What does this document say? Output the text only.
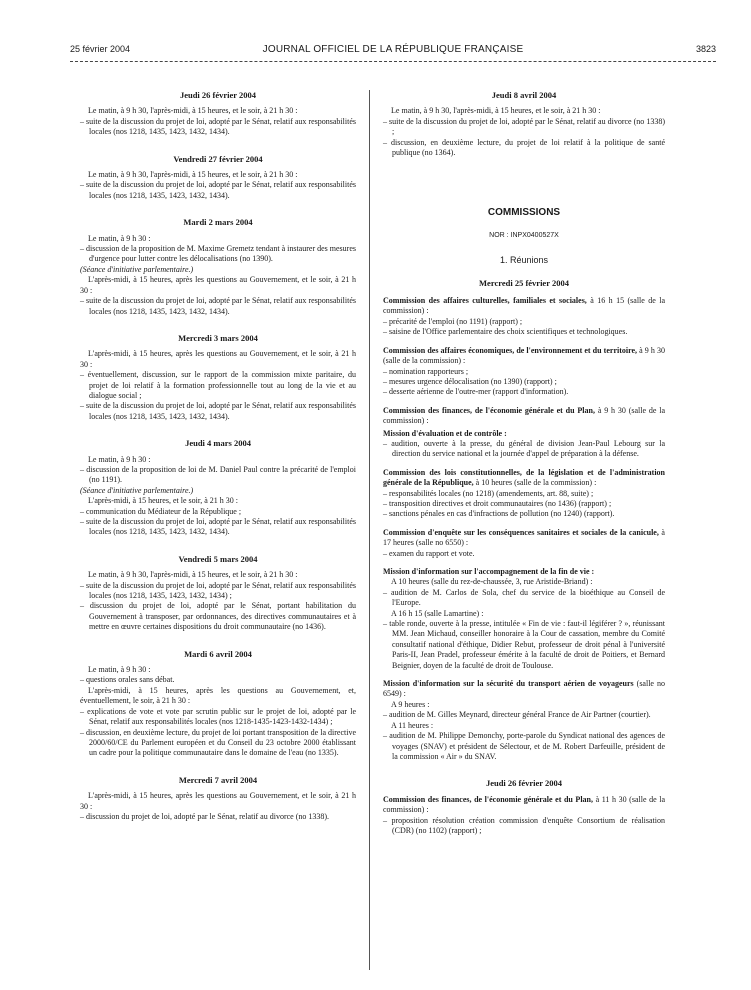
25 février 2004	JOURNAL OFFICIEL DE LA RÉPUBLIQUE FRANÇAISE	3823
Jeudi 26 février 2004

Le matin, à 9 h 30, l'après-midi, à 15 heures, et le soir, à 21 h 30 :

– suite de la discussion du projet de loi, adopté par le Sénat, relatif aux responsabilités locales (nos 1218, 1435, 1423, 1432, 1434).

Vendredi 27 février 2004

Le matin, à 9 h 30, l'après-midi, à 15 heures, et le soir, à 21 h 30 :

– suite de la discussion du projet de loi, adopté par le Sénat, relatif aux responsabilités locales (nos 1218, 1435, 1423, 1432, 1434).

Mardi 2 mars 2004

Le matin, à 9 h 30 :

– discussion de la proposition de M. Maxime Gremetz tendant à instaurer des mesures d'urgence pour lutter contre les délocalisations (no 1390).

(Séance d'initiative parlementaire.)

L'après-midi, à 15 heures, après les questions au Gouvernement, et le soir, à 21 h 30 :

– suite de la discussion du projet de loi, adopté par le Sénat, relatif aux responsabilités locales (nos 1218, 1435, 1423, 1432, 1434).

Mercredi 3 mars 2004

L'après-midi, à 15 heures, après les questions au Gouvernement, et le soir, à 21 h 30 :

– éventuellement, discussion, sur le rapport de la commission mixte paritaire, du projet de loi relatif à la formation professionnelle tout au long de la vie et au dialogue social ;

– suite de la discussion du projet de loi, adopté par le Sénat, relatif aux responsabilités locales (nos 1218, 1435, 1423, 1432, 1434).

Jeudi 4 mars 2004

Le matin, à 9 h 30 :

– discussion de la proposition de loi de M. Daniel Paul contre la précarité de l'emploi (no 1191).

(Séance d'initiative parlementaire.)

L'après-midi, à 15 heures, et le soir, à 21 h 30 :

– communication du Médiateur de la République ;

– suite de la discussion du projet de loi, adopté par le Sénat, relatif aux responsabilités locales (nos 1218, 1435, 1423, 1432, 1434).

Vendredi 5 mars 2004

Le matin, à 9 h 30, l'après-midi, à 15 heures, et le soir, à 21 h 30 :

– suite de la discussion du projet de loi, adopté par le Sénat, relatif aux responsabilités locales (nos 1218, 1435, 1423, 1432, 1434) ;

– discussion du projet de loi, adopté par le Sénat, portant habilitation du Gouvernement à transposer, par ordonnances, des directives communautaires et à mettre en œuvre certaines dispositions du droit communautaire (no 1436).

Mardi 6 avril 2004

Le matin, à 9 h 30 :

– questions orales sans débat.

L'après-midi, à 15 heures, après les questions au Gouvernement, et, éventuellement, le soir, à 21 h 30 :

– explications de vote et vote par scrutin public sur le projet de loi, adopté par le Sénat, relatif aux responsabilités locales (nos 1218-1435-1423-1432-1434) ;

– discussion, en deuxième lecture, du projet de loi portant transposition de la directive 2000/60/CE du Parlement européen et du Conseil du 23 octobre 2000 établissant un cadre pour la politique communautaire dans le domaine de l'eau (no 1335).

Mercredi 7 avril 2004

L'après-midi, à 15 heures, après les questions au Gouvernement, et le soir, à 21 h 30 :

– discussion du projet de loi, adopté par le Sénat, relatif au divorce (no 1338).

Jeudi 8 avril 2004

Le matin, à 9 h 30, l'après-midi, à 15 heures, et le soir, à 21 h 30 :

– suite de la discussion du projet de loi, adopté par le Sénat, relatif au divorce (no 1338) ;

– discussion, en deuxième lecture, du projet de loi relatif à la politique de santé publique (no 1364).

COMMISSIONS
NOR : INPX0400527X
1. Réunions
Mercredi 25 février 2004

Commission des affaires culturelles, familiales et sociales, à 16 h 15 (salle de la commission) :

– précarité de l'emploi (no 1191) (rapport) ;

– saisine de l'Office parlementaire des choix scientifiques et technologiques.

Commission des affaires économiques, de l'environnement et du territoire, à 9 h 30 (salle de la commission) :

– nomination rapporteurs ;

– mesures urgence délocalisation (no 1390) (rapport) ;

– desserte aérienne de l'outre-mer (rapport d'information).

Commission des finances, de l'économie générale et du Plan, à 9 h 30 (salle de la commission) :

Mission d'évaluation et de contrôle :

– audition, ouverte à la presse, du général de division Jean-Paul Lebourg sur la direction du service national et la journée d'appel de préparation à la défense.

Commission des lois constitutionnelles, de la législation et de l'administration générale de la République, à 10 heures (salle de la commission) :

– responsabilités locales (no 1218) (amendements, art. 88, suite) ;

– transposition directives et droit communautaires (no 1436) (rapport) ;

– sanctions pénales en cas d'infractions de pollution (no 1240) (rapport).

Commission d'enquête sur les conséquences sanitaires et sociales de la canicule, à 17 heures (salle no 6550) :

– examen du rapport et vote.

Mission d'information sur l'accompagnement de la fin de vie :

A 10 heures (salle du rez-de-chaussée, 3, rue Aristide-Briand) :

– audition de M. Carlos de Sola, chef du service de la bioéthique au Conseil de l'Europe.

A 16 h 15 (salle Lamartine) :

– table ronde, ouverte à la presse, intitulée « Fin de vie : faut-il légiférer ? », réunissant MM. Jean Michaud, conseiller honoraire à la Cour de cassation, membre du Comité consultatif national d'éthique, Didier Rebut, professeur de droit pénal à l'université Paris-II, Jean Pradel, professeur émérite à la faculté de droit de Poitiers, et Bernard Beignier, doyen de la faculté de droit de Toulouse.

Mission d'information sur la sécurité du transport aérien de voyageurs (salle no 6549) :

A 9 heures :

– audition de M. Gilles Meynard, directeur général France de Air Partner (courtier).

A 11 heures :

– audition de M. Philippe Demonchy, porte-parole du Syndicat national des agences de voyages (SNAV) et président de Sélectour, et de M. Robert Darfeuille, président de la commission « Air » du SNAV.

Jeudi 26 février 2004

Commission des finances, de l'économie générale et du Plan, à 11 h 30 (salle de la commission) :

– proposition résolution création commission d'enquête Consortium de réalisation (CDR) (no 1102) (rapport) ;
